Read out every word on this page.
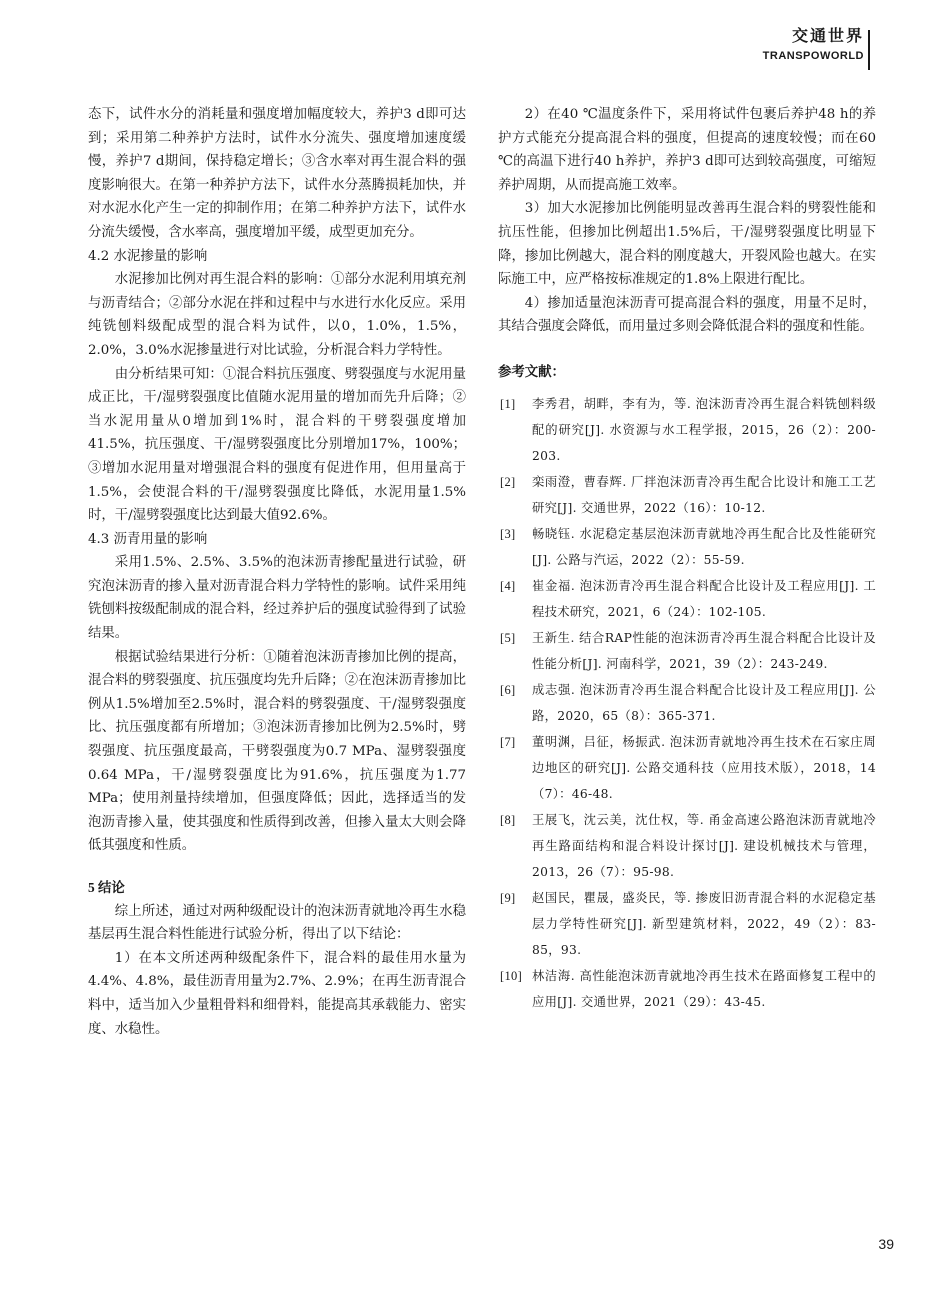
交通世界
TRANSPOWORLD

态下，试件水分的消耗量和强度增加幅度较大，养护3 d即可达到；采用第二种养护方法时，试件水分流失、强度增加速度缓慢，养护7 d期间，保持稳定增长；③含水率对再生混合料的强度影响很大。在第一种养护方法下，试件水分蒸腾损耗加快，并对水泥水化产生一定的抑制作用；在第二种养护方法下，试件水分流失缓慢，含水率高，强度增加平缓，成型更加充分。

4.2 水泥掺量的影响

水泥掺加比例对再生混合料的影响：①部分水泥利用填充剂与沥青结合；②部分水泥在拌和过程中与水进行水化反应。采用纯铣刨料级配成型的混合料为试件，以0，1.0%，1.5%，2.0%，3.0%水泥掺量进行对比试验，分析混合料力学特性。

由分析结果可知：①混合料抗压强度、劈裂强度与水泥用量成正比，干/湿劈裂强度比值随水泥用量的增加而先升后降；②当水泥用量从0增加到1%时，混合料的干劈裂强度增加41.5%，抗压强度、干/湿劈裂强度比分别增加17%，100%；③增加水泥用量对增强混合料的强度有促进作用，但用量高于1.5%，会使混合料的干/湿劈裂强度比降低，水泥用量1.5%时，干/湿劈裂强度比达到最大值92.6%。

4.3 沥青用量的影响

采用1.5%、2.5%、3.5%的泡沫沥青掺配量进行试验，研究泡沫沥青的掺入量对沥青混合料力学特性的影响。试件采用纯铣刨料按级配制成的混合料，经过养护后的强度试验得到了试验结果。

根据试验结果进行分析：①随着泡沫沥青掺加比例的提高，混合料的劈裂强度、抗压强度均先升后降；②在泡沫沥青掺加比例从1.5%增加至2.5%时，混合料的劈裂强度、干/湿劈裂强度比、抗压强度都有所增加；③泡沫沥青掺加比例为2.5%时，劈裂强度、抗压强度最高，干劈裂强度为0.7 MPa、湿劈裂强度0.64 MPa，干/湿劈裂强度比为91.6%，抗压强度为1.77 MPa；使用剂量持续增加，但强度降低；因此，选择适当的发泡沥青掺入量，使其强度和性质得到改善，但掺入量太大则会降低其强度和性质。

5 结论

综上所述，通过对两种级配设计的泡沫沥青就地冷再生水稳基层再生混合料性能进行试验分析，得出了以下结论：

1）在本文所述两种级配条件下，混合料的最佳用水量为4.4%、4.8%，最佳沥青用量为2.7%、2.9%；在再生沥青混合料中，适当加入少量粗骨料和细骨料，能提高其承载能力、密实度、水稳性。

2）在40 ℃温度条件下，采用将试件包裹后养护48 h的养护方式能充分提高混合料的强度，但提高的速度较慢；而在60 ℃的高温下进行40 h养护，养护3 d即可达到较高强度，可缩短养护周期，从而提高施工效率。

3）加大水泥掺加比例能明显改善再生混合料的劈裂性能和抗压性能，但掺加比例超出1.5%后，干/湿劈裂强度比明显下降，掺加比例越大，混合料的刚度越大，开裂风险也越大。在实际施工中，应严格按标准规定的1.8%上限进行配比。

4）掺加适量泡沫沥青可提高混合料的强度，用量不足时，其结合强度会降低，而用量过多则会降低混合料的强度和性能。

参考文献：

[1] 李秀君，胡畔，李有为，等. 泡沫沥青冷再生混合料铣刨料级配的研究[J]. 水资源与水工程学报，2015，26（2）：200-203.
[2] 栾雨澄，曹春辉. 厂拌泡沫沥青冷再生配合比设计和施工工艺研究[J]. 交通世界，2022（16）：10-12.
[3] 畅晓钰. 水泥稳定基层泡沫沥青就地冷再生配合比及性能研究[J]. 公路与汽运，2022（2）：55-59.
[4] 崔金福. 泡沫沥青冷再生混合料配合比设计及工程应用[J]. 工程技术研究，2021，6（24）：102-105.
[5] 王新生. 结合RAP性能的泡沫沥青冷再生混合料配合比设计及性能分析[J]. 河南科学，2021，39（2）：243-249.
[6] 成志强. 泡沫沥青冷再生混合料配合比设计及工程应用[J]. 公路，2020，65（8）：365-371.
[7] 董明渊，吕征，杨振武. 泡沫沥青就地冷再生技术在石家庄周边地区的研究[J]. 公路交通科技（应用技术版），2018，14（7）：46-48.
[8] 王展飞，沈云美，沈仕权，等. 甬金高速公路泡沫沥青就地冷再生路面结构和混合料设计探讨[J]. 建设机械技术与管理，2013，26（7）：95-98.
[9] 赵国民，瞿晟，盛炎民，等. 掺废旧沥青混合料的水泥稳定基层力学特性研究[J]. 新型建筑材料，2022，49（2）：83-85，93.
[10] 林洁海. 高性能泡沫沥青就地冷再生技术在路面修复工程中的应用[J]. 交通世界，2021（29）：43-45.
39
